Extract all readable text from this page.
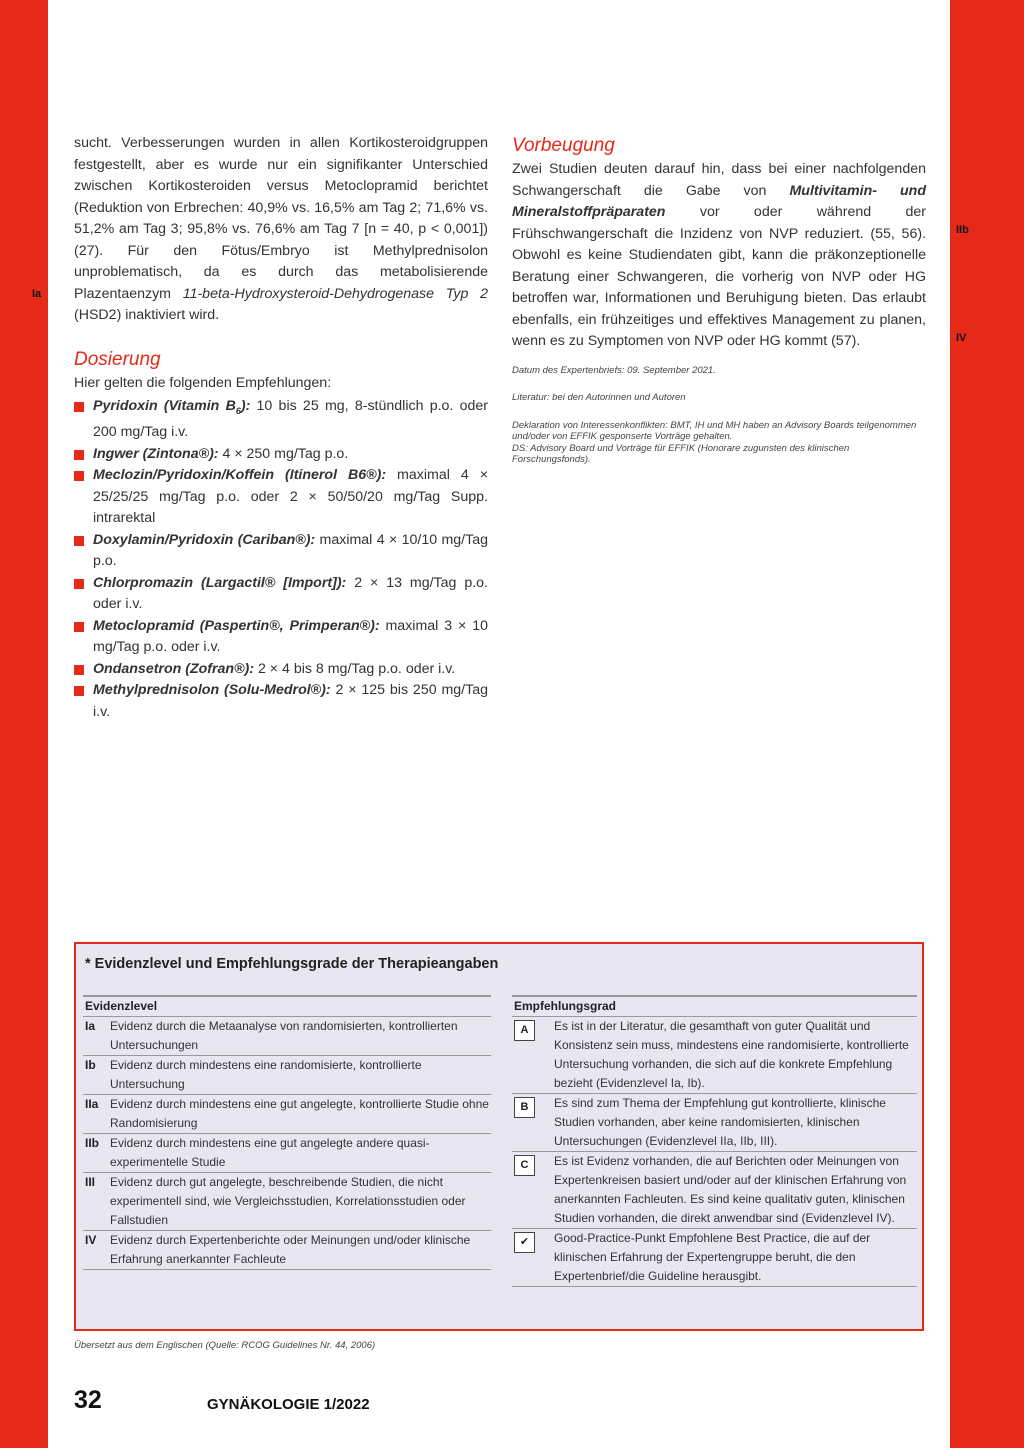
Ia
IIb
IV

sucht. Verbesserungen wurden in allen Kortikosteroidgruppen festgestellt, aber es wurde nur ein signifikanter Unterschied zwischen Kortikosteroiden versus Metoclopramid berichtet (Reduktion von Erbrechen: 40,9% vs. 16,5% am Tag 2; 71,6% vs. 51,2% am Tag 3; 95,8% vs. 76,6% am Tag 7 [n = 40, p < 0,001]) (27). Für den Fötus/Embryo ist Methylprednisolon unproblematisch, da es durch das metabolisierende Plazentaenzym 11-beta-Hydroxysteroid-Dehydrogenase Typ 2 (HSD2) inaktiviert wird.

Dosierung

Hier gelten die folgenden Empfehlungen:

Pyridoxin (Vitamin $B_6$): 10 bis 25 mg, 8-stündlich p.o. oder 200 mg/Tag i.v.
Ingwer (Zintona®): 4 × 250 mg/Tag p.o.
Meclozin/Pyridoxin/Koffein (Itinerol B6®): maximal 4 × 25/25/25 mg/Tag p.o. oder 2 × 50/50/20 mg/Tag Supp. intrarektal
Doxylamin/Pyridoxin (Cariban®): maximal 4 × 10/10 mg/Tag p.o.
Chlorpromazin (Largactil® [Import]): 2 × 13 mg/Tag p.o. oder i.v.
Metoclopramid (Paspertin®, Primperan®): maximal 3 × 10 mg/Tag p.o. oder i.v.
Ondansetron (Zofran®): 2 × 4 bis 8 mg/Tag p.o. oder i.v.
Methylprednisolon (Solu-Medrol®): 2 × 125 bis 250 mg/Tag i.v.
Vorbeugung

Zwei Studien deuten darauf hin, dass bei einer nachfolgenden Schwangerschaft die Gabe von Multivitamin- und Mineralstoffpräparaten vor oder während der Frühschwangerschaft die Inzidenz von NVP reduziert. (55, 56). Obwohl es keine Studiendaten gibt, kann die präkonzeptionelle Beratung einer Schwangeren, die vorherig von NVP oder HG betroffen war, Informationen und Beruhigung bieten. Das erlaubt ebenfalls, ein frühzeitiges und effektives Management zu planen, wenn es zu Symptomen von NVP oder HG kommt (57).

Datum des Expertenbriefs: 09. September 2021.

Literatur: bei den Autorinnen und Autoren

Deklaration von Interessenkonflikten: BMT, IH und MH haben an Advisory Boards teilgenommen und/oder von EFFIK gesponserte Vorträge gehalten.

DS: Advisory Board und Vorträge für EFFIK (Honorare zugunsten des klinischen Forschungsfonds).

* Evidenzlevel und Empfehlungsgrade der Therapieangaben
Evidenzlevel
Ia	Evidenz durch die Metaanalyse von randomisierten, kontrollierten Untersuchungen
Ib	Evidenz durch mindestens eine randomisierte, kontrollierte Untersuchung
IIa Evidenz durch mindestens eine gut angelegte, kontrollierte Studie ohne Randomisierung
IIb Evidenz durch mindestens eine gut angelegte andere quasi-experimentelle Studie
III	Evidenz durch gut angelegte, beschreibende Studien, die nicht experimentell sind, wie Vergleichsstudien, Korrelationsstudien oder Fallstudien
IV	Evidenz durch Expertenberichte oder Meinungen und/oder klinische Erfahrung anerkannter Fachleute
Empfehlungsgrad
A	Es ist in der Literatur, die gesamthaft von guter Qualität und Konsistenz sein muss, mindestens eine randomisierte, kontrollierte Untersuchung vorhanden, die sich auf die konkrete Empfehlung bezieht (Evidenzlevel Ia, Ib).
B	Es sind zum Thema der Empfehlung gut kontrollierte, klinische Studien vorhanden, aber keine randomisierten, klinischen Untersuchungen (Evidenzlevel IIa, IIb, III).
C	Es ist Evidenz vorhanden, die auf Berichten oder Meinungen von Expertenkreisen basiert und/oder auf der klinischen Erfahrung von anerkannten Fachleuten. Es sind keine qualitativ guten, klinischen Studien vorhanden, die direkt anwendbar sind (Evidenzlevel IV).
✔	Good-Practice-Punkt Empfohlene Best Practice, die auf der klinischen Erfahrung der Expertengruppe beruht, die den Expertenbrief/die Guideline herausgibt.
Übersetzt aus dem Englischen (Quelle: RCOG Guidelines Nr. 44, 2006)
32	GYNÄKOLOGIE 1/2022
